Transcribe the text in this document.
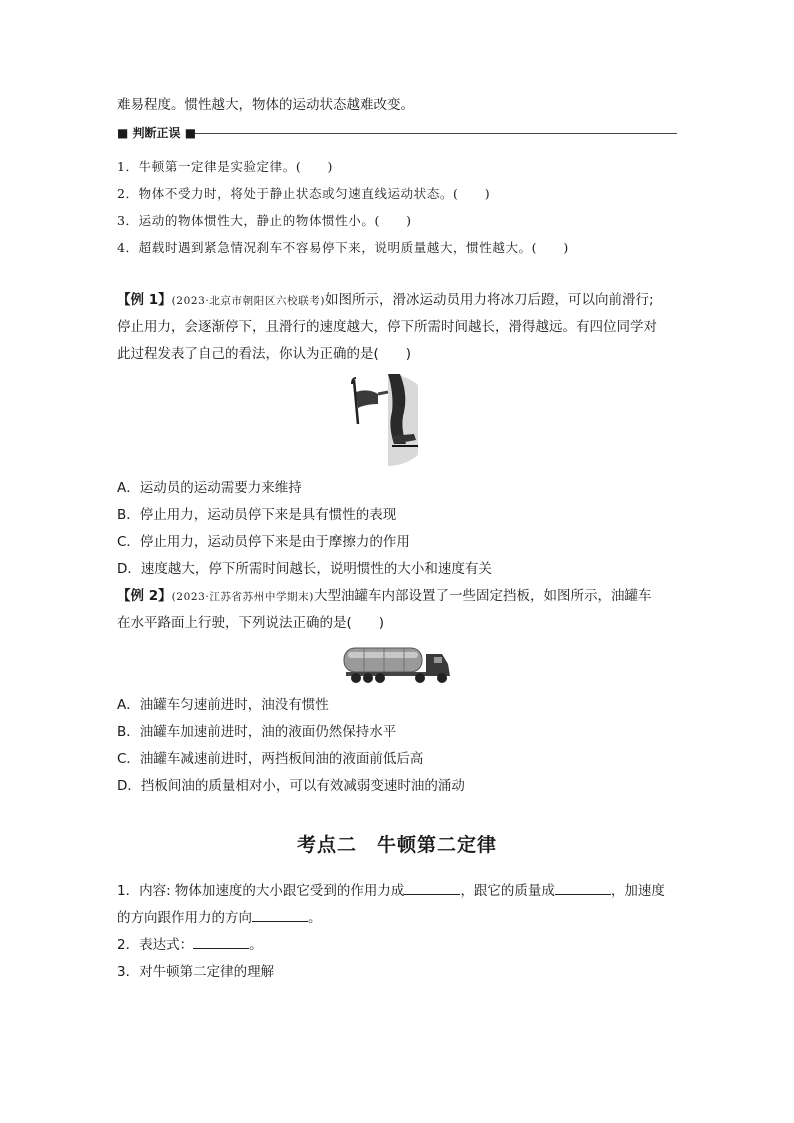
难易程度。惯性越大，物体的运动状态越难改变。
■ 判断正误 ■
1．牛顿第一定律是实验定律。(　　)
2．物体不受力时，将处于静止状态或匀速直线运动状态。(　　)
3．运动的物体惯性大，静止的物体惯性小。(　　)
4．超载时遇到紧急情况刹车不容易停下来，说明质量越大，惯性越大。(　　)
【例 1】(2023·北京市朝阳区六校联考)如图所示，滑冰运动员用力将冰刀后蹬，可以向前滑行;
停止用力，会逐渐停下，且滑行的速度越大，停下所需时间越长，滑得越远。有四位同学对
此过程发表了自己的看法，你认为正确的是(　　)
A．运动员的运动需要力来维持
B．停止用力，运动员停下来是具有惯性的表现
C．停止用力，运动员停下来是由于摩擦力的作用
D．速度越大，停下所需时间越长，说明惯性的大小和速度有关
【例 2】(2023·江苏省苏州中学期末)大型油罐车内部设置了一些固定挡板，如图所示，油罐车
在水平路面上行驶，下列说法正确的是(　　)
A．油罐车匀速前进时，油没有惯性
B．油罐车加速前进时，油的液面仍然保持水平
C．油罐车减速前进时，两挡板间油的液面前低后高
D．挡板间油的质量相对小，可以有效减弱变速时油的涌动
考点二 牛顿第二定律
1．内容: 物体加速度的大小跟它受到的作用力成	，跟它的质量成	，加速度
的方向跟作用力的方向	。
2．表达式：	。
3．对牛顿第二定律的理解
